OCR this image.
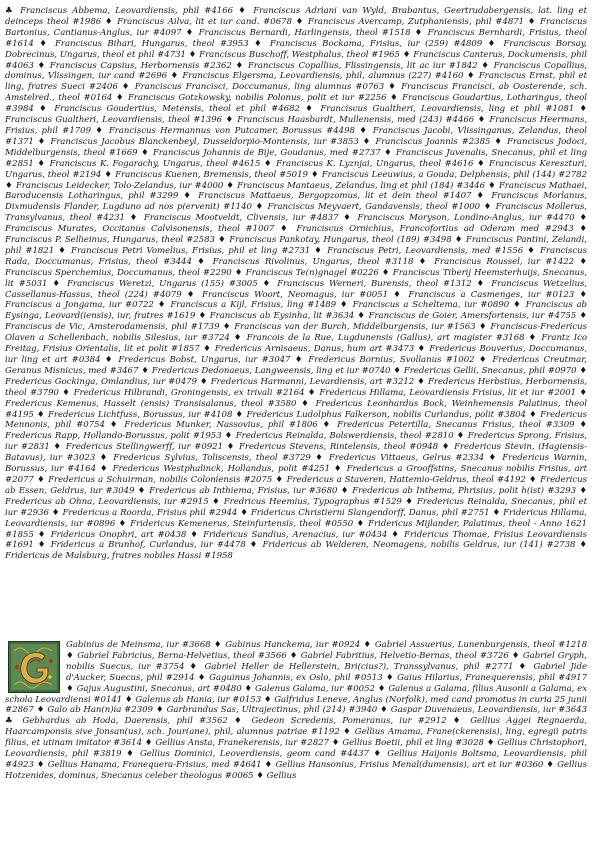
♣ Franciscus Abbema, Leovardiensis, phil #4166 ♦ Franciscus Adriani van Wyld, Brabantus, Geertrudabergensis, lat. ling et deinceps theol #1986 ♦ Franciscus Ailva, lit et iur cand. #0678 ♦ Franciscus Avercamp, Zutphaniensis, phil #4871 ♦ Franciscus Bartonius, Cantianus-Anglus, iur #4097 ♦ Franciscus Bernardi, Harlingensis, theol #1518 ♦ Franciscus Bernhardi, Frisius, theol #1614 ♦ Franciscus Bihari, Hungarus, theol #3953 ♦ Franciscus Bockama, Frisius, iur (259) #4809 ♦ Franciscus Borsay, Dobrecinus, Ungarus, theol et phil #4731 ♦ Franciscus Buschoff, Westphalus, theol #1965 ♦ Franciscus Canterus, Dockumensis, phil #4063 ♦ Franciscus Capsius, Herbornensis #2362 ♦ Franciscus Copallius, Flissingensis, lit ac iur #1842 ♦ Franciscus Copallius, dominus, Vlissingen, iur cand #2696 ♦ Franciscus Elgersma, Leovardiensis, phil, alumnus (227) #4160 ♦ Franciscus Ernst, phil et ling, fratres Sueci #2406 ♦ Franciscus Francisci, Doccumanus, ling alumnus #0763 ♦ Franciscus Francisci, ab Oosterende, sch. Amstelred., theol #0164 ♦ Franciscus Gotzkowsky, nobilis Polonus, polit et iur #2256 ♦ Franciscus Goudartius, Lotharingus, theol #3984 ♦ Franciscus Goudertius, Metensis, theol et phil #4682 ♦ Franciscus Gualtheri, Leovardiensis, ling et phil #1081 ♦ Franciscus Gualtheri, Leovardiensis, theol #1396 ♦ Franciscus Haasbardt, Mullenensis, med (243) #4466 ♦ Franciscus Heermans, Frisius, phil #1709 ♦ Franciscus Hermannus von Putcamer, Borussus #4498 ♦ Franciscus Jacobi, Vlissinganus, Zelandus, theol #1371 ♦ Franciscus Jacobus Blanckenbeyl, Dusseldorpio-Montensis, iur #3853 ♦ Franciscus Joannis #2385 ♦ Franciscus Jodoci, Middelburgensis, theol #1669 ♦ Franciscus Johannis de Bije, Goudanus, med #2737 ♦ Franciscus Juvenalis, Snecanus, phil et ling #2851 ♦ Franciscus K. Fogarachy, Ungarus, theol #4615 ♦ Franciscus K. Lyznjai, Ungarus, theol #4616 ♦ Franciscus Kereszturi, Ungarus, theol #2194 ♦ Franciscus Kuenen, Bremensis, theol #5019 ♦ Franciscus Leeuwius, a Gouda, Delphensis, phil (144) #2782 ♦ Franciscus Leidecker, Tolo-Zelandus, iur #4000 ♦ Franciscus Mantaeus, Zelandus, ling et phil (184) #3446 ♦ Franciscus Mathaei, Baroducensis Lotharingus, phil #3299 ♦ Franciscus Mattaeus, Bergopzomus, lit et dein theol #1407 ♦ Franciscus Morlanus, Dixmudensis Flander, Lugduno ad nos p(ervenit) #1140 ♦ Franciscus Meyvaert, Gandavensis, theol #1000 ♦ Franciscus Mollerus, Transylvanus, theol #4231 ♦ Franciscus Mootveldt, Clivensis, iur #4837 ♦ Franciscus Moryson, Londino-Anglus, iur #4470 ♦ Franciscus Murates, Occitanus Calvisonensis, theol #1007 ♦ Franciscus Ornichius, Francofortius ad Oderam med #2943 ♦ Franciscus P. Sellieinus, Hungarus, theol #2583 ♦ Franciscus Pankotay, Hungarus, theol (189) #3498 ♦ Franciscus Pantini, Zelandi, phil #1821 ♦ Franciscus Petri Vomelius, Frisius, phil et ling #2731 ♦ Franciscus Petri, Leovardiensis, med #1556 ♦ Franciscus Rada, Doccumanus, Frisius, theol #3444 ♦ Franciscus Rivolinus, Ungarus, theol #3118 ♦ Franciscus Roussel, iur #1422 ♦ Franciscus Sperchemius, Doccumanus, theol #2290 ♦ Franciscus Te(n)gnagel #0226 ♦ Franciscus Tiberij Heemsterhuijs, Snecanus, lit #5031 ♦ Franciscus Weretzi, Ungarus (155) #3005 ♦ Franciscus Werneri, Burensis, theol #1312 ♦ Franciscus Wetzelius, Cassellanus-Hassus, theol (224) #4079 ♦ Franciscus Woort, Neomagus, iur #0051 ♦ Franciscus a Casmenges, iur #0123 ♦ Franciscus a Jongama, iur #0722 ♦ Franciscus a Kijl, Frisius, ling #1489 ♦ Franciscus a Scheltema, iur #0890 ♦ Franciscus ab Eysinga, Leovard(iensis), iur, fratres #1619 ♦ Franciscus ab Eysinha, lit #3634 ♦ Franciscus de Goier, Amersfortensis, iur #4755 ♦ Franciscus de Vic, Amsterodamensis, phil #1739 ♦ Franciscus van der Burch, Middelburgensis, iur #1563 ♦ Franciscus-Fredericus Olaven a Schellenbach, nobilis Silesius, iur #3724 ♦ Francois de la Rue, Lugdunensis (Gallus), art magister #3168 ♦ Frantz Ico Freitag, Frisius Orientalis, lit et polit #1857 ♦ Fredericus Arnisaeus, Danus, hum art #3473 ♦ Fredericus Bouverius, Doccumanus, iur ling et art #0384 ♦ Fredericus Bobst, Ungarus, iur #3047 ♦ Fredericus Bornius, Svollanus #1002 ♦ Fredericus Creutmar, Geranus Misnicus, med #3467 ♦ Fredericus Dedonaeus, Langweensis, ling et iur #0740 ♦ Fredericus Gellii, Snecanus, phil #0970 ♦ Fredericus Gockinga, Omlandius, iur #0479 ♦ Fredericus Harmanni, Levardiensis, art #3212 ♦ Fredericus Herbstius, Herbornensis, theol #3790 ♦ Fredericus Hilbrandi, Groningensis, ex trivali #2164 ♦ Fredericus Hillama, Leovardiensis Frisius, lit et iur #2001 ♦ Fredericus Kemenus, Hasselt (ensis) Transisalanus, theol #3580 ♦ Fredericus Leonhardus Bock, Weinhemensis Palatinus, theol #4195 ♦ Fredericus Lichtfuss, Borussus, iur #4108 ♦ Fredericus Ludolphus Falkerson, nobilis Curlandus, polit #3804 ♦ Fredericus Mennonis, phil #0754 ♦ Fredericus Munker, Nassovius, phil #1806 ♦ Fredericus Petertilla, Snecanus Frisius, theol #3309 ♦ Fredericus Rapp, Hollando-Borussus, polit #1953 ♦ Fredericus Reinalda, Bolswerdiensis, theol #2810 ♦ Fredericus Sprong, Frisius, iur #2831 ♦ Fredericus Stellingwerff, iur #0921 ♦ Fredericus Stevens, Rintelensis, theol #0948 ♦ Fredericus Stevin, (Hagiensis-Batavus), iur #3023 ♦ Fredericus Sylvius, Toliscensis, theol #3729 ♦ Fredericus Vittaeus, Gelrus #2334 ♦ Fredericus Warnin, Borussus, iur #4164 ♦ Fredericus Westphalinck, Hollandus, polit #4251 ♦ Fredericus a Grooffstins, Snecanus nobilis Frisius, art #2077 ♦ Fredericus a Schuirman, nobilis Coloniensis #2075 ♦ Fredericus a Staveren, Hattemio-Geldrus, theol #4192 ♦ Fredericus ab Essen, Geldrus, iur #3049 ♦ Fredericus ab Inthiema, Frisius, iur #3680 ♦ Fredericus ab Inthema, Phrisius, polit h(ist) #3293 ♦ Fredericus ab Ohna, Leovardiensis, iur #2915 ♦ Fredricus Heemius, Typographus #1529 ♦ Fredericus Reinalda, Snecanus, phil et iur #2936 ♦ Fredericus a Roorda, Frisius phil #2944 ♦ Fridericus Christierni Slangendorff, Danus, phil #2751 ♦ Fridericus Hillama, Leovardiensis, iur #0896 ♦ Fridericus Kemenerus, Steinfurtensis, theol #0550 ♦ Fridericus Mijlander, Palatinus, theol - Anno 1621 #1855 ♦ Fridericus Onophri, art #0438 ♦ Fridericus Sandius, Arenacius, iur #0434 ♦ Fridericus Thomae, Frisius Leovardiensis #1691 ♦ Fridericus a Brunhof, Curlandus, iur #4478 ♦ Fridericus ab Welderen, Neomagens, nobilis Geldrus, iur (141) #2738 ♦ Fridericus de Malsburg, fratres nobiles Hassi #1958
Gabinius de Meinsma, iur #3668 ♦ Gabinus Hanckema, iur #0924 ♦ Gabriel Assuerius, Lunenburgensis, theol #1218 ♦ Gabriel Fabricius, Berna-Helvetius, theol #3566 ♦ Gabriel Fabritius, Helvetio-Bernas, theol #3726 ♦ Gabriel Gryph, nobilis Suecus, iur #3754 ♦ Gabriel Heller de Hellerstein, Bri(cius?), Transsylvanus, phil #2771 ♦ Gabriel Jide d'Aucker, Suecus, phil #2914 ♦ Gaguinus Johannis, ex Oslo, phil #0513 ♦ Gaius Hilarius, Franequerensis, phil #4917 ♦ Gajus Augustini, Snecanus, art #0480 ♦ Galenus Galama, iur #0052 ♦ Galenus a Galama, filius Ausonii a Galama, ex schola Leovardiensi #0141 ♦ Galenus ab Hania, iur #0153 ♦ Galfridus Leneve, Anglus (Norfolk), med cand promotus in curia 25 junii #2867 ♦ Galo ab Han(n)ia #2309 ♦ Garbrandus Sas, Ultrajectinus, phil (214) #3940 ♦ Gaspar Duvenaeus, Leovardiensis, iur #3643 ♣ Gebhardus ab Hoda, Daerensis, phil #3562 ♦ Gedeon Scredenis, Pomeranus, iur #2912 ♦ Gellius Aggei Regnaerda, Haarcamponsis sive Jonsan(us), sch. Jour(ane), phil, alumnus patriae #1192 ♦ Gellius Amama, Frane(ckerensis), ling, egregii patris filius, et utinam imitator #3614 ♦ Gellius Ansta, Franekerensis, iur #2827 ♦ Gellius Boetii, phil et ling #3028 ♦ Gellius Christophori, Leovardiensis, phil #3819 ♦ Gellius Dominici, Leoverdiensis, geom cand #4437 ♦ Gellius Haijonis Boltsma, Leovardiensis, phil #4923 ♦ Gellius Hanama, Franequera-Frisius, med #4641 ♦ Gellius Hansonius, Frisius Menal(dumensis), art et iur #0360 ♦ Gellius Hotzenides, dominus, Snecanus celeber theologus #0065 ♦ Gellius
